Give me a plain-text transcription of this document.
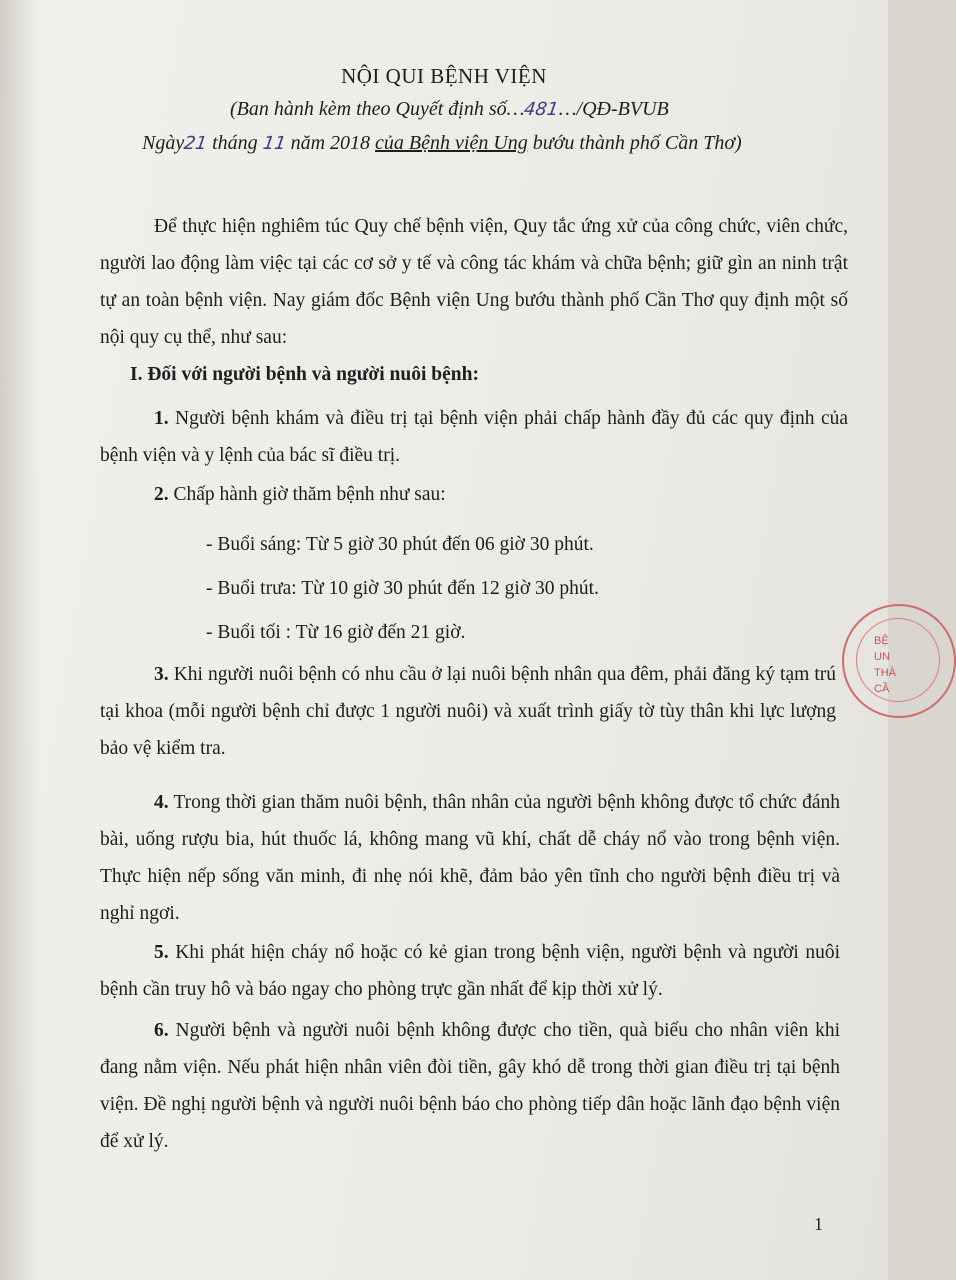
NỘI QUI BỆNH VIỆN
(Ban hành kèm theo Quyết định số…481…/QĐ-BVUB
Ngày21 tháng 11 năm 2018 của Bệnh viện Ung bướu thành phố Cần Thơ)
Để thực hiện nghiêm túc Quy chế bệnh viện, Quy tắc ứng xử của công chức, viên chức, người lao động làm việc tại các cơ sở y tế và công tác khám và chữa bệnh; giữ gìn an ninh trật tự an toàn bệnh viện. Nay giám đốc Bệnh viện Ung bướu thành phố Cần Thơ quy định một số nội quy cụ thể, như sau:
I. Đối với người bệnh và người nuôi bệnh:
1. Người bệnh khám và điều trị tại bệnh viện phải chấp hành đầy đủ các quy định của bệnh viện và y lệnh của bác sĩ điều trị.
2. Chấp hành giờ thăm bệnh như sau:
- Buổi sáng: Từ 5 giờ 30 phút đến 06 giờ 30 phút.
- Buổi trưa: Từ 10 giờ 30 phút đến 12 giờ 30 phút.
- Buổi tối : Từ 16 giờ đến 21 giờ.
3. Khi người nuôi bệnh có nhu cầu ở lại nuôi bệnh nhân qua đêm, phải đăng ký tạm trú tại khoa (mỗi người bệnh chỉ được 1 người nuôi) và xuất trình giấy tờ tùy thân khi lực lượng bảo vệ kiểm tra.
4. Trong thời gian thăm nuôi bệnh, thân nhân của người bệnh không được tổ chức đánh bài, uống rượu bia, hút thuốc lá, không mang vũ khí, chất dễ cháy nổ vào trong bệnh viện. Thực hiện nếp sống văn minh, đi nhẹ nói khẽ, đảm bảo yên tĩnh cho người bệnh điều trị và nghỉ ngơi.
5. Khi phát hiện cháy nổ hoặc có kẻ gian trong bệnh viện, người bệnh và người nuôi bệnh cần truy hô và báo ngay cho phòng trực gần nhất để kịp thời xử lý.
6. Người bệnh và người nuôi bệnh không được cho tiền, quà biếu cho nhân viên khi đang nằm viện. Nếu phát hiện nhân viên đòi tiền, gây khó dễ trong thời gian điều trị tại bệnh viện. Đề nghị người bệnh và người nuôi bệnh báo cho phòng tiếp dân hoặc lãnh đạo bệnh viện để xử lý.
1
BỆ
UN
THÀ
CẦ
